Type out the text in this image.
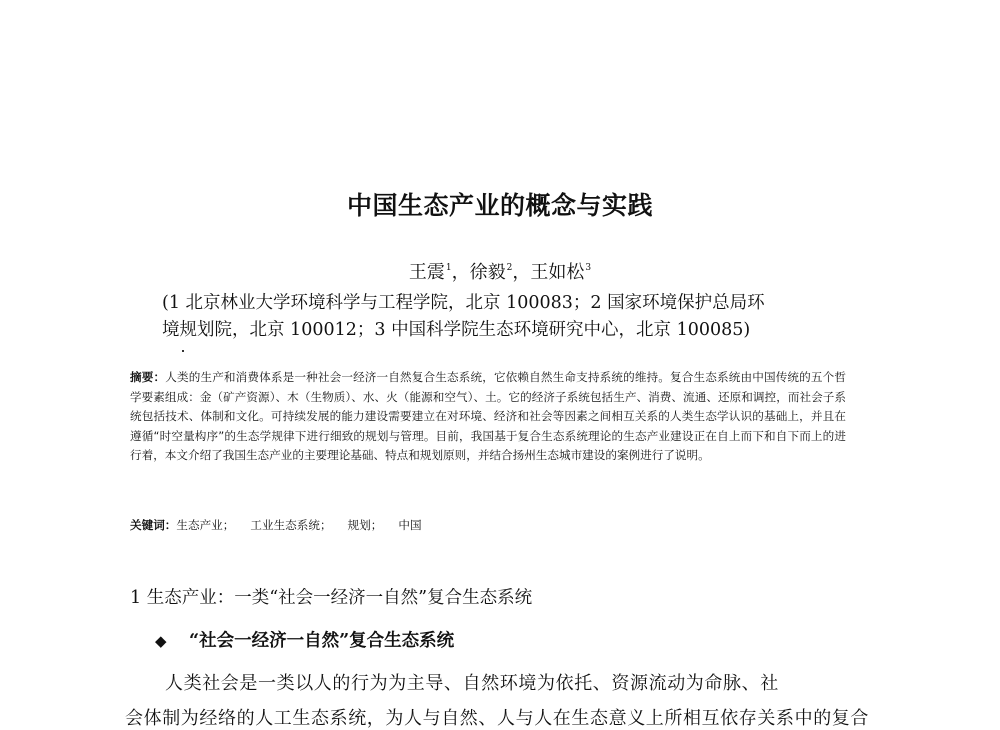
中国生态产业的概念与实践
王震$^1$，徐毅$^2$，王如松$^3$
(1 北京林业大学环境科学与工程学院，北京 100083；2 国家环境保护总局环
境规划院，北京 100012；3 中国科学院生态环境研究中心，北京 100085)
摘要：人类的生产和消费体系是一种社会一经济一自然复合生态系统，它依赖自然生命支持系统的维持。复合生态系统由中国传统的五个哲学要素组成：金（矿产资源）、木（生物质）、水、火（能源和空气）、土。它的经济子系统包括生产、消费、流通、还原和调控，而社会子系统包括技术、体制和文化。可持续发展的能力建设需要建立在对环境、经济和社会等因素之间相互关系的人类生态学认识的基础上，并且在遵循“时空量构序”的生态学规律下进行细致的规划与管理。目前，我国基于复合生态系统理论的生态产业建设正在自上而下和自下而上的进行着，本文介绍了我国生态产业的主要理论基础、特点和规划原则，并结合扬州生态城市建设的案例进行了说明。
关键词：生态产业； 工业生态系统； 规划； 中国
1 生态产业：一类“社会一经济一自然”复合生态系统
◆ “社会一经济一自然”复合生态系统
人类社会是一类以人的行为为主导、自然环境为依托、资源流动为命脉、社
会体制为经络的人工生态系统，为人与自然、人与人在生态意义上所相互依存关系中的复合
